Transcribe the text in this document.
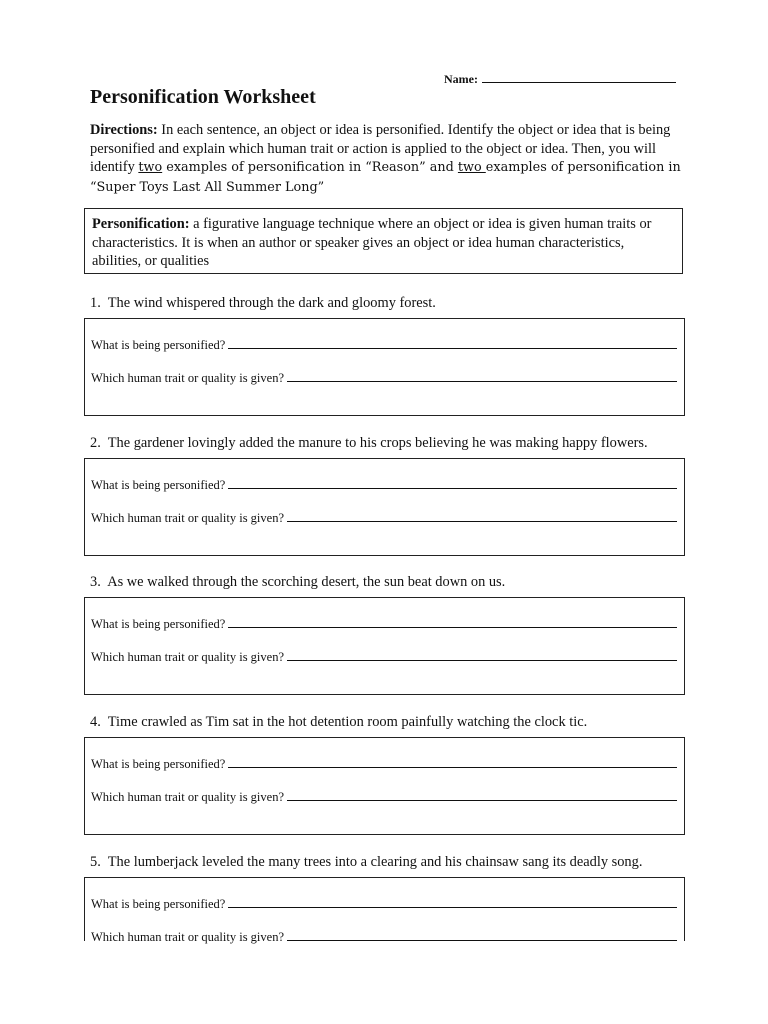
Name:
Personification Worksheet
Directions: In each sentence, an object or idea is personified. Identify the object or idea that is being personified and explain which human trait or action is applied to the object or idea. Then, you will identify two examples of personification in “Reason” and two examples of personification in “Super Toys Last All Summer Long”
Personification: a figurative language technique where an object or idea is given human traits or characteristics. It is when an author or speaker gives an object or idea human characteristics, abilities, or qualities
1. The wind whispered through the dark and gloomy forest.
What is being personified?
Which human trait or quality is given?
2. The gardener lovingly added the manure to his crops believing he was making happy flowers.
What is being personified?
Which human trait or quality is given?
3. As we walked through the scorching desert, the sun beat down on us.
What is being personified?
Which human trait or quality is given?
4. Time crawled as Tim sat in the hot detention room painfully watching the clock tic.
What is being personified?
Which human trait or quality is given?
5. The lumberjack leveled the many trees into a clearing and his chainsaw sang its deadly song.
What is being personified?
Which human trait or quality is given?
